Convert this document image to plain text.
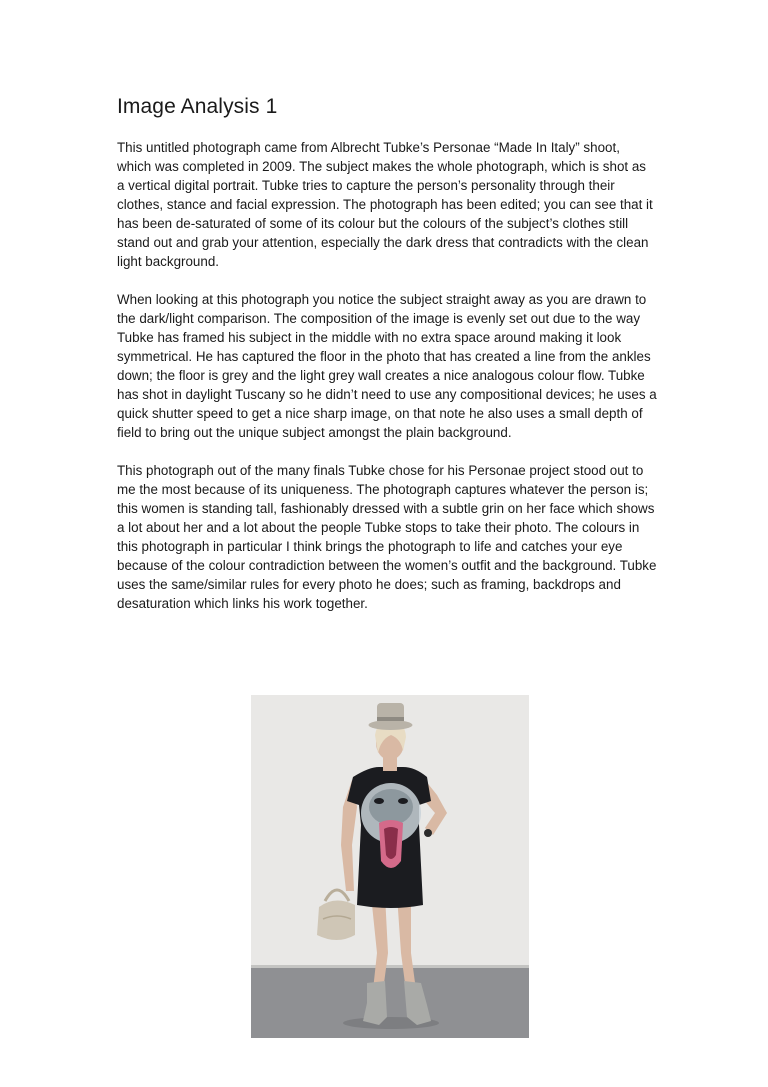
Image Analysis 1

This untitled photograph came from Albrecht Tubke’s Personae “Made In Italy” shoot, which was completed in 2009. The subject makes the whole photograph, which is shot as a vertical digital portrait. Tubke tries to capture the person’s personality through their clothes, stance and facial expression. The photograph has been edited; you can see that it has been de-saturated of some of its colour but the colours of the subject’s clothes still stand out and grab your attention, especially the dark dress that contradicts with the clean light background.

When looking at this photograph you notice the subject straight away as you are drawn to the dark/light comparison. The composition of the image is evenly set out due to the way Tubke has framed his subject in the middle with no extra space around making it look symmetrical. He has captured the floor in the photo that has created a line from the ankles down; the floor is grey and the light grey wall creates a nice analogous colour flow. Tubke has shot in daylight Tuscany so he didn’t need to use any compositional devices; he uses a quick shutter speed to get a nice sharp image, on that note he also uses a small depth of field to bring out the unique subject amongst the plain background.

This photograph out of the many finals Tubke chose for his Personae project stood out to me the most because of its uniqueness. The photograph captures whatever the person is; this women is standing tall, fashionably dressed with a subtle grin on her face which shows a lot about her and a lot about the people Tubke stops to take their photo. The colours in this photograph in particular I think brings the photograph to life and catches your eye because of the colour contradiction between the women’s outfit and the background. Tubke uses the same/similar rules for every photo he does; such as framing, backdrops and desaturation which links his work together.
